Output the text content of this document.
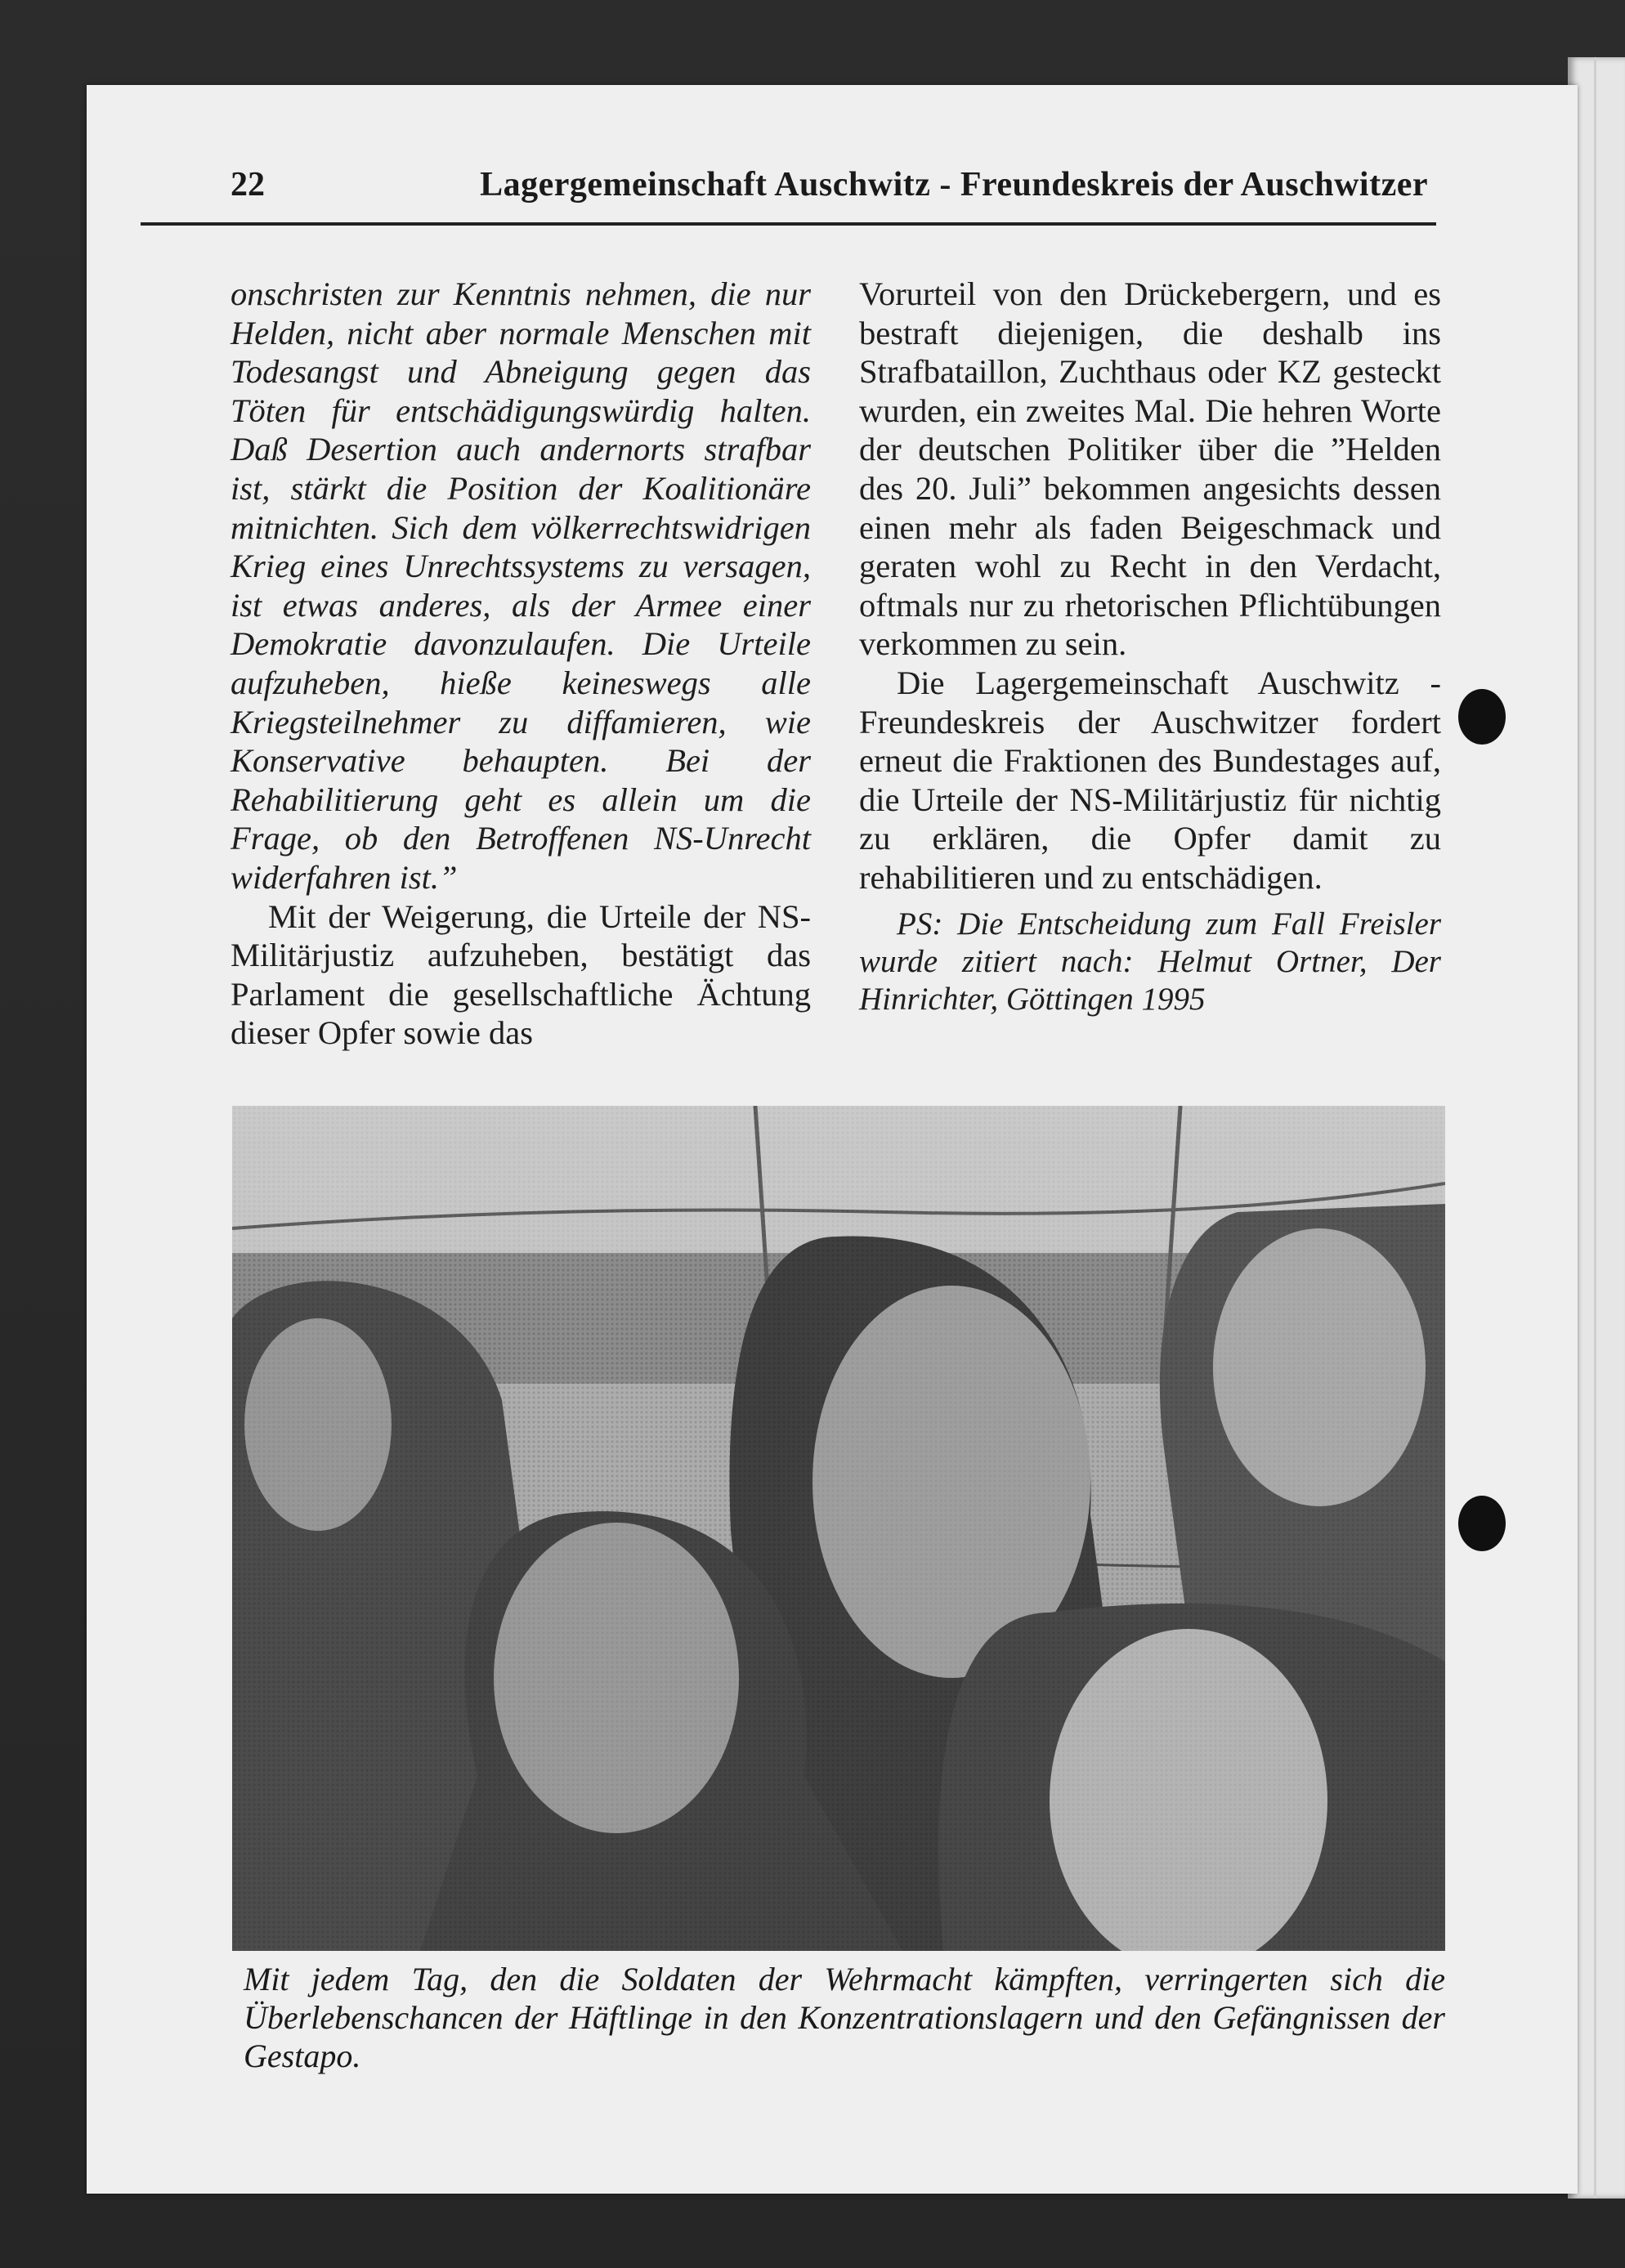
22	Lagergemeinschaft Auschwitz - Freundeskreis der Auschwitzer

onschristen zur Kenntnis nehmen, die nur Helden, nicht aber normale Menschen mit Todesangst und Abneigung gegen das Töten für entschädigungswürdig halten. Daß Desertion auch andernorts strafbar ist, stärkt die Position der Koalitionäre mitnichten. Sich dem völkerrechtswidrigen Krieg eines Unrechtssystems zu versagen, ist etwas anderes, als der Armee einer Demokratie davonzulaufen. Die Urteile aufzuheben, hieße keineswegs alle Kriegsteilnehmer zu diffamieren, wie Konservative behaupten. Bei der Rehabilitierung geht es allein um die Frage, ob den Betroffenen NS-Unrecht widerfahren ist.”

Mit der Weigerung, die Urteile der NS-Militärjustiz aufzuheben, bestätigt das Parlament die gesellschaftliche Ächtung dieser Opfer sowie das

Vorurteil von den Drückebergern, und es bestraft diejenigen, die deshalb ins Strafbataillon, Zuchthaus oder KZ gesteckt wurden, ein zweites Mal. Die hehren Worte der deutschen Politiker über die ”Helden des 20. Juli” bekommen angesichts dessen einen mehr als faden Beigeschmack und geraten wohl zu Recht in den Verdacht, oftmals nur zu rhetorischen Pflichtübungen verkommen zu sein.

Die Lagergemeinschaft Auschwitz - Freundeskreis der Auschwitzer fordert erneut die Fraktionen des Bundestages auf, die Urteile der NS-Militärjustiz für nichtig zu erklären, die Opfer damit zu rehabilitieren und zu entschädigen.

PS: Die Entscheidung zum Fall Freisler wurde zitiert nach: Helmut Ortner, Der Hinrichter, Göttingen 1995

Mit jedem Tag, den die Soldaten der Wehrmacht kämpften, verringerten sich die Überlebenschancen der Häftlinge in den Konzentrationslagern und den Gefängnissen der Gestapo.
